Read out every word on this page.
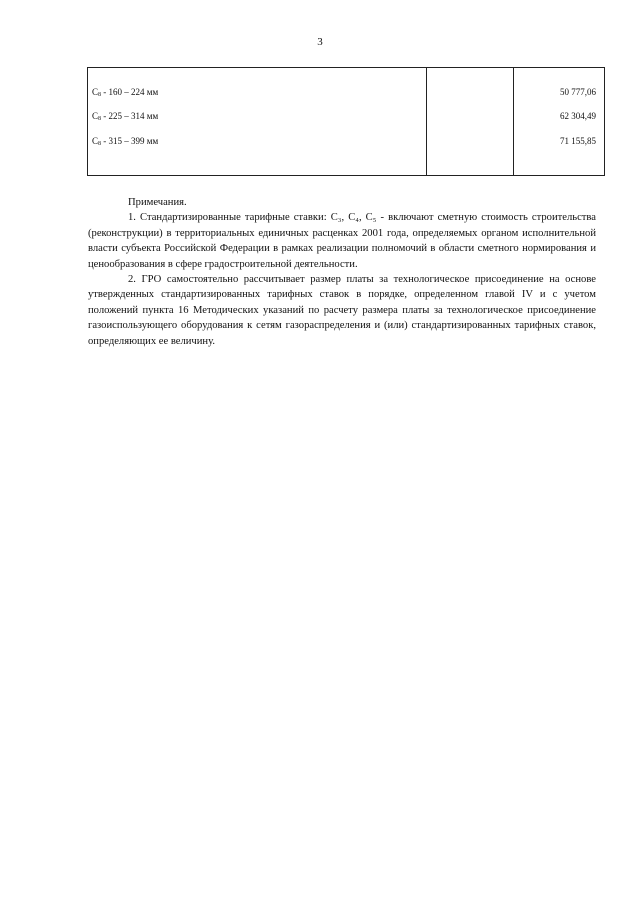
3
C8 - 160 – 224 мм	50 777,06
C8 - 225 – 314 мм	62 304,49
C8 - 315 – 399 мм	71 155,85

Примечания.

1. Стандартизированные тарифные ставки: С₃, С₄, С₅ - включают сметную стоимость строительства (реконструкции) в территориальных единичных расценках 2001 года, определяемых органом исполнительной власти субъекта Российской Федерации в рамках реализации полномочий в области сметного нормирования и ценообразования в сфере градостроительной деятельности.

2. ГРО самостоятельно рассчитывает размер платы за технологическое присоединение на основе утвержденных стандартизированных тарифных ставок в порядке, определенном главой IV и с учетом положений пункта 16 Методических указаний по расчету размера платы за технологическое присоединение газоиспользующего оборудования к сетям газораспределения и (или) стандартизированных тарифных ставок, определяющих ее величину.
